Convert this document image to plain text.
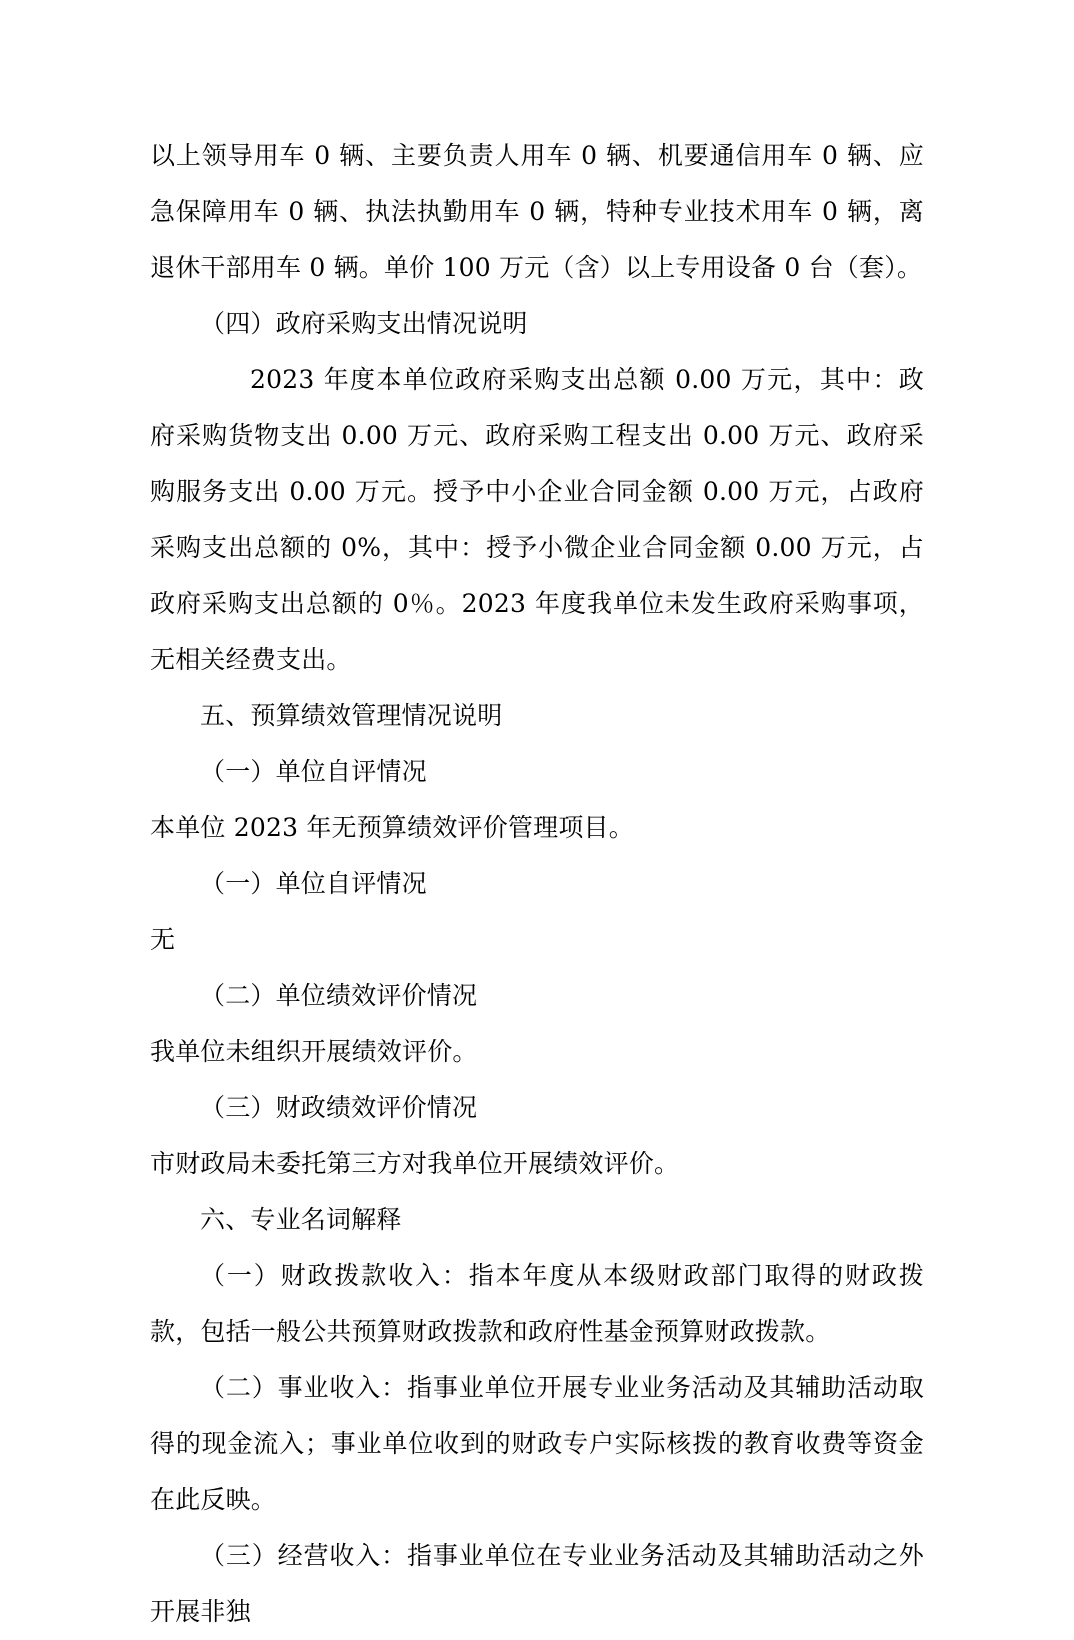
以上领导用车 0 辆、主要负责人用车 0 辆、机要通信用车 0 辆、应急保障用车 0 辆、执法执勤用车 0 辆，特种专业技术用车 0 辆，离退休干部用车 0 辆。单价 100 万元（含）以上专用设备 0 台（套）。

（四）政府采购支出情况说明

2023 年度本单位政府采购支出总额 0.00 万元，其中：政府采购货物支出 0.00 万元、政府采购工程支出 0.00 万元、政府采购服务支出 0.00 万元。授予中小企业合同金额 0.00 万元，占政府采购支出总额的 0%，其中：授予小微企业合同金额 0.00 万元，占政府采购支出总额的 0％。2023 年度我单位未发生政府采购事项，无相关经费支出。

五、预算绩效管理情况说明

（一）单位自评情况

本单位 2023 年无预算绩效评价管理项目。

（一）单位自评情况

无

（二）单位绩效评价情况

我单位未组织开展绩效评价。

（三）财政绩效评价情况

市财政局未委托第三方对我单位开展绩效评价。

六、专业名词解释

（一）财政拨款收入：指本年度从本级财政部门取得的财政拨款，包括一般公共预算财政拨款和政府性基金预算财政拨款。

（二）事业收入：指事业单位开展专业业务活动及其辅助活动取得的现金流入；事业单位收到的财政专户实际核拨的教育收费等资金在此反映。

（三）经营收入：指事业单位在专业业务活动及其辅助活动之外开展非独
